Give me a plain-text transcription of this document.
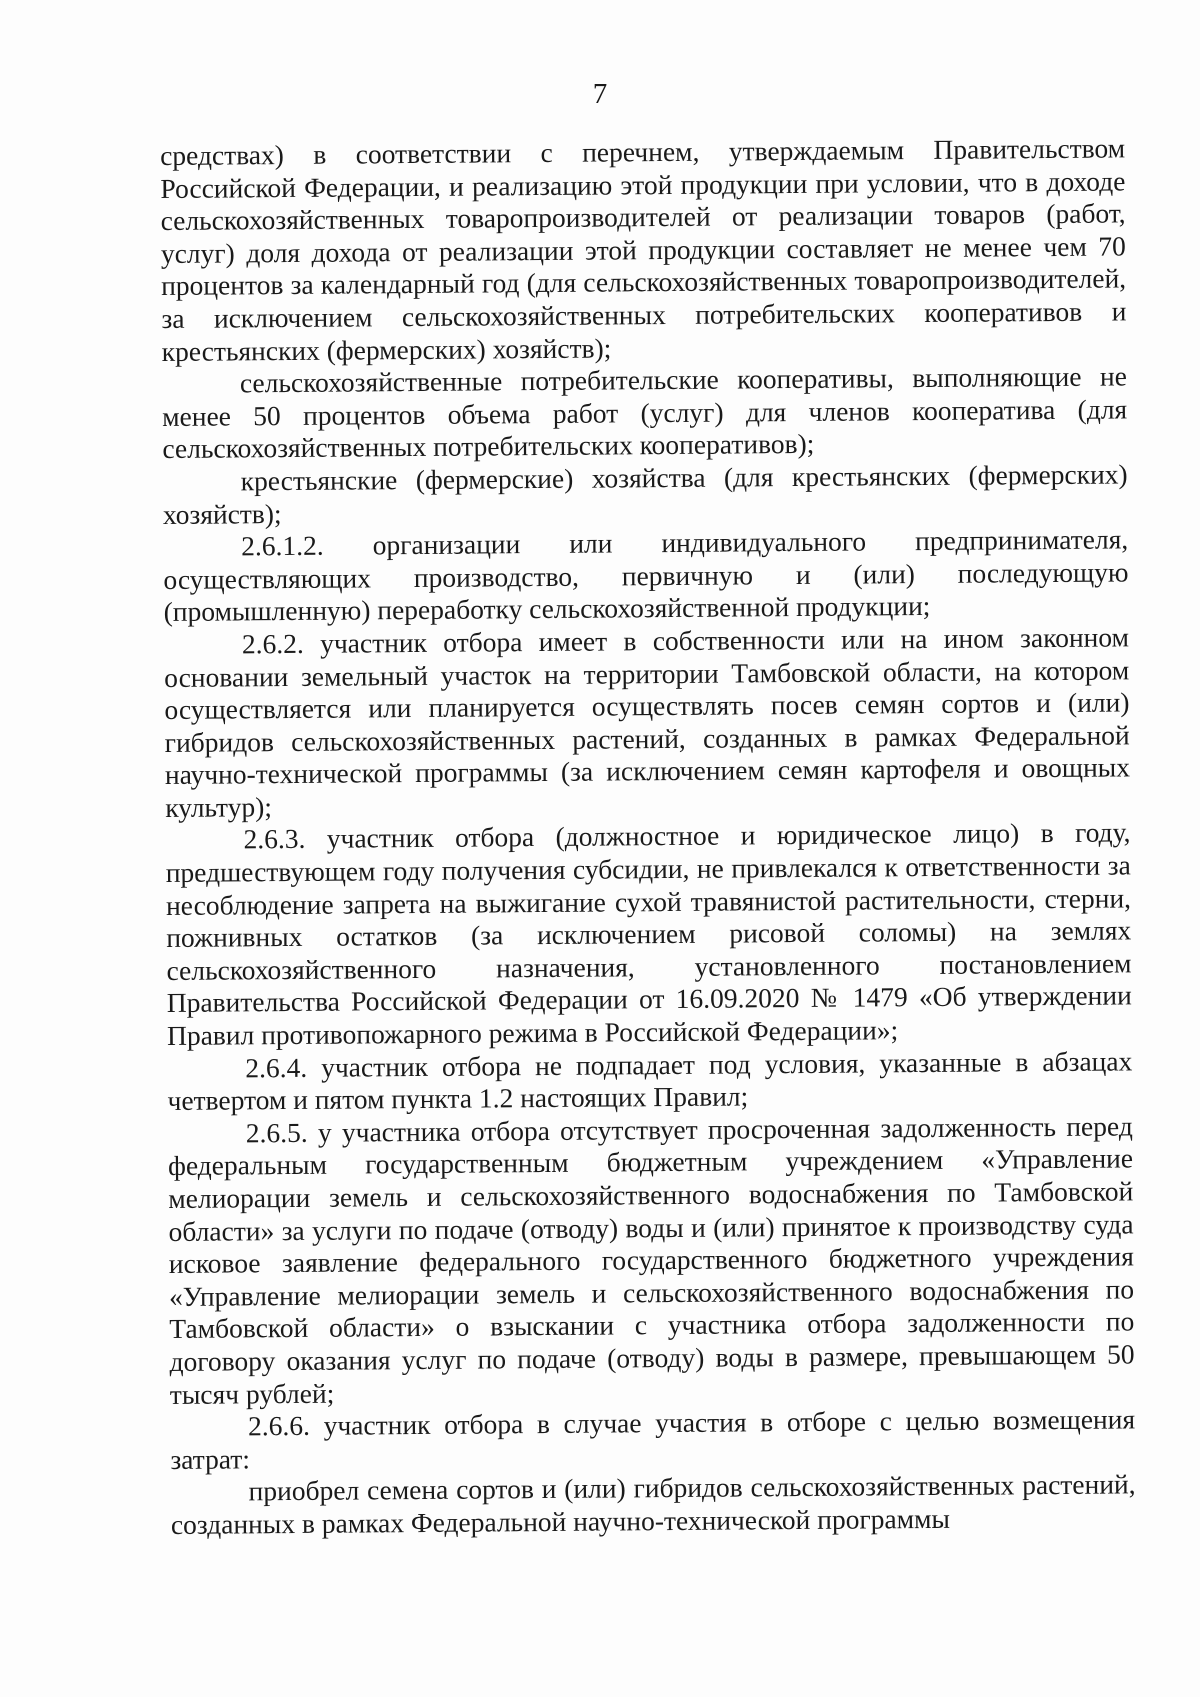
7

средствах) в соответствии с перечнем, утверждаемым Правительством Российской Федерации, и реализацию этой продукции при условии, что в доходе сельскохозяйственных товаропроизводителей от реализации товаров (работ, услуг) доля дохода от реализации этой продукции составляет не менее чем 70 процентов за календарный год (для сельскохозяйственных товаропроизводителей, за исключением сельскохозяйственных потребительских кооперативов и крестьянских (фермерских) хозяйств);

сельскохозяйственные потребительские кооперативы, выполняющие не менее 50 процентов объема работ (услуг) для членов кооператива (для сельскохозяйственных потребительских кооперативов);

крестьянские (фермерские) хозяйства (для крестьянских (фермерских) хозяйств);

2.6.1.2. организации или индивидуального предпринимателя, осуществляющих производство, первичную и (или) последующую (промышленную) переработку сельскохозяйственной продукции;

2.6.2. участник отбора имеет в собственности или на ином законном основании земельный участок на территории Тамбовской области, на котором осуществляется или планируется осуществлять посев семян сортов и (или) гибридов сельскохозяйственных растений, созданных в рамках Федеральной научно-технической программы (за исключением семян картофеля и овощных культур);

2.6.3. участник отбора (должностное и юридическое лицо) в году, предшествующем году получения субсидии, не привлекался к ответственности за несоблюдение запрета на выжигание сухой травянистой растительности, стерни, пожнивных остатков (за исключением рисовой соломы) на землях сельскохозяйственного назначения, установленного постановлением Правительства Российской Федерации от 16.09.2020 № 1479 «Об утверждении Правил противопожарного режима в Российской Федерации»;

2.6.4. участник отбора не подпадает под условия, указанные в абзацах четвертом и пятом пункта 1.2 настоящих Правил;

2.6.5. у участника отбора отсутствует просроченная задолженность перед федеральным государственным бюджетным учреждением «Управление мелиорации земель и сельскохозяйственного водоснабжения по Тамбовской области» за услуги по подаче (отводу) воды и (или) принятое к производству суда исковое заявление федерального государственного бюджетного учреждения «Управление мелиорации земель и сельскохозяйственного водоснабжения по Тамбовской области» о взыскании с участника отбора задолженности по договору оказания услуг по подаче (отводу) воды в размере, превышающем 50 тысяч рублей;

2.6.6. участник отбора в случае участия в отборе с целью возмещения затрат:

приобрел семена сортов и (или) гибридов сельскохозяйственных растений, созданных в рамках Федеральной научно-технической программы
